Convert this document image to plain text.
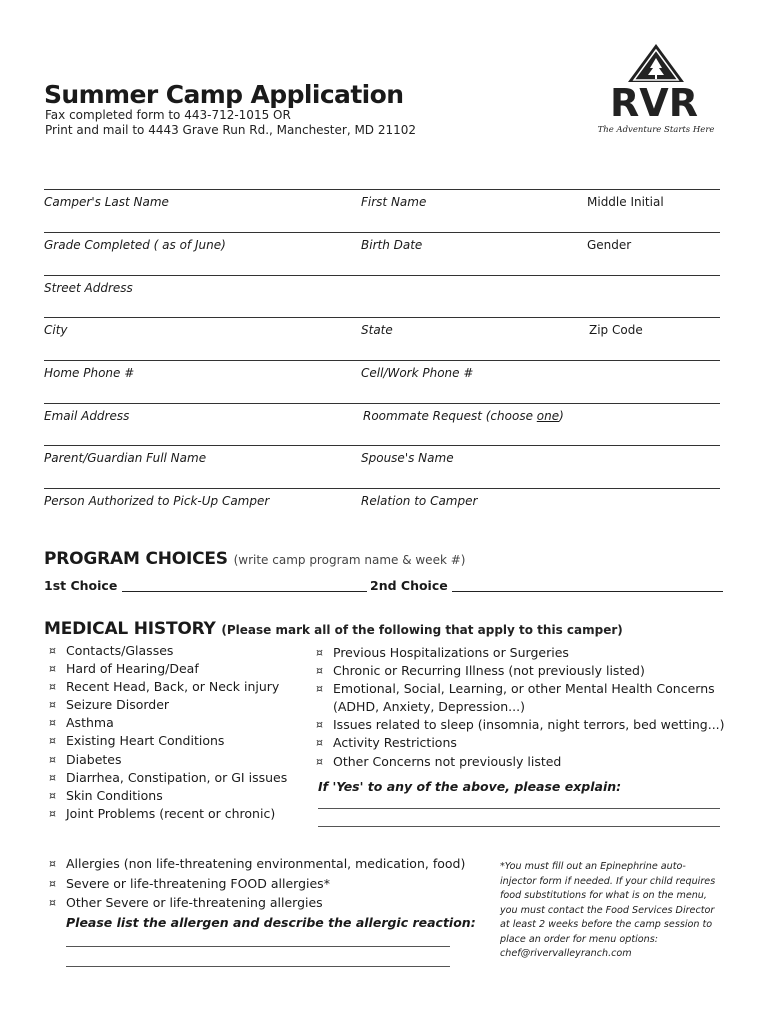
Summer Camp Application
Fax completed form to 443-712-1015 OR
Print and mail to 4443 Grave Run Rd., Manchester, MD 21102
RVR
The Adventure Starts Here
Camper's Last Name	First Name	Middle Initial
Grade Completed ( as of June)	Birth Date	Gender
Street Address
City	State	Zip Code
Home Phone #	Cell/Work Phone #
Email Address	Roommate Request (choose one)
Parent/Guardian Full Name	Spouse's Name
Person Authorized to Pick-Up Camper	Relation to Camper
PROGRAM CHOICES (write camp program name & week #)
1st Choice	2nd Choice
MEDICAL HISTORY (Please mark all of the following that apply to this camper)
¤ Contacts/Glasses
¤ Hard of Hearing/Deaf
¤ Recent Head, Back, or Neck injury
¤ Seizure Disorder
¤ Asthma
¤ Existing Heart Conditions
¤ Diabetes
¤ Diarrhea, Constipation, or GI issues
¤ Skin Conditions
¤ Joint Problems (recent or chronic)
¤ Previous Hospitalizations or Surgeries
¤ Chronic or Recurring Illness (not previously listed)
¤ Emotional, Social, Learning, or other Mental Health Concerns
(ADHD, Anxiety, Depression...)
¤ Issues related to sleep (insomnia, night terrors, bed wetting...)
¤ Activity Restrictions
¤ Other Concerns not previously listed
If 'Yes' to any of the above, please explain:
¤ Allergies (non life-threatening environmental, medication, food)
¤ Severe or life-threatening FOOD allergies*
¤ Other Severe or life-threatening allergies
Please list the allergen and describe the allergic reaction:
*You must fill out an Epinephrine auto-
injector form if needed. If your child requires
food substitutions for what is on the menu,
you must contact the Food Services Director
at least 2 weeks before the camp session to
place an order for menu options:
chef@rivervalleyranch.com
